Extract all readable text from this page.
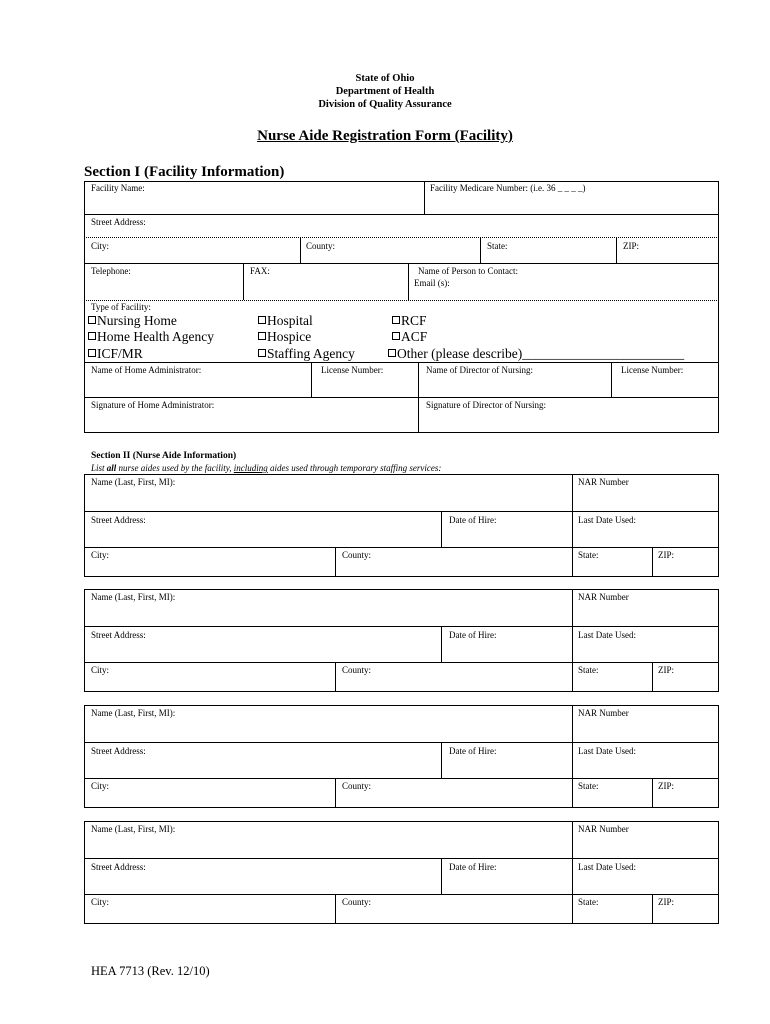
State of Ohio
Department of Health
Division of Quality Assurance
Nurse Aide Registration Form (Facility)
Section I (Facility Information)
Facility Name:	Facility Medicare Number: (i.e. 36 _ _ _ _)
Street Address:
City:	County:	State:	ZIP:
Telephone:	FAX:	Name of Person to Contact:
Email (s):
Type of Facility:
Nursing Home
Home Health Agency
ICF/MR
Hospital
Hospice
Staffing Agency
RCF
ACF
Other (please describe)________________________
Name of Home Administrator:	License Number:	Name of Director of Nursing:	License Number:
Signature of Home Administrator:	Signature of Director of Nursing:
Section II (Nurse Aide Information)
List all nurse aides used by the facility, including aides used through temporary staffing services:
Name (Last, First, MI):	NAR Number
Street Address:	Date of Hire:	Last Date Used:
City:	County:	State:	ZIP:
Name (Last, First, MI):	NAR Number
Street Address:	Date of Hire:	Last Date Used:
City:	County:	State:	ZIP:
Name (Last, First, MI):	NAR Number
Street Address:	Date of Hire:	Last Date Used:
City:	County:	State:	ZIP:
Name (Last, First, MI):	NAR Number
Street Address:	Date of Hire:	Last Date Used:
City:	County:	State:	ZIP:
HEA 7713 (Rev. 12/10)
